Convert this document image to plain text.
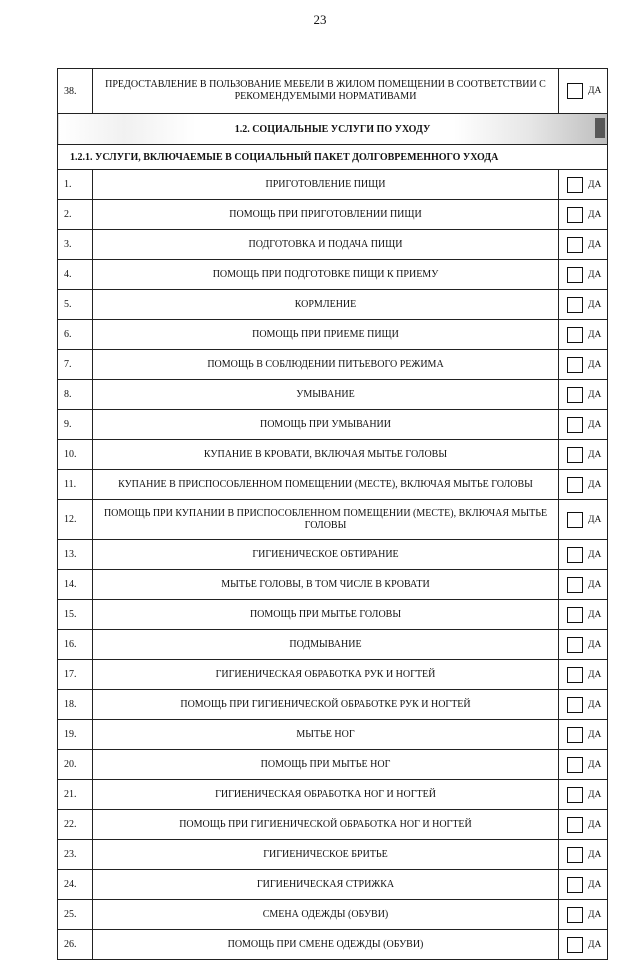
23
38.	ПРЕДОСТАВЛЕНИЕ В ПОЛЬЗОВАНИЕ МЕБЕЛИ В ЖИЛОМ ПОМЕЩЕНИИ В СООТВЕТСТВИИ С РЕКОМЕНДУЕМЫМИ НОРМАТИВАМИ	ДА

1.2. СОЦИАЛЬНЫЕ УСЛУГИ ПО УХОДУ		

1.2.1. УСЛУГИ, ВКЛЮЧАЕМЫЕ В СОЦИАЛЬНЫЙ ПАКЕТ ДОЛГОВРЕМЕННОГО УХОДА		
1.	ПРИГОТОВЛЕНИЕ ПИЩИ	ДА

2.	ПОМОЩЬ ПРИ ПРИГОТОВЛЕНИИ ПИЩИ	ДА

3.	ПОДГОТОВКА И ПОДАЧА ПИЩИ	ДА

4.	ПОМОЩЬ ПРИ ПОДГОТОВКЕ ПИЩИ К ПРИЕМУ	ДА

5.	КОРМЛЕНИЕ	ДА

6.	ПОМОЩЬ ПРИ ПРИЕМЕ ПИЩИ	ДА

7.	ПОМОЩЬ В СОБЛЮДЕНИИ ПИТЬЕВОГО РЕЖИМА	ДА

8.	УМЫВАНИЕ	ДА

9.	ПОМОЩЬ ПРИ УМЫВАНИИ	ДА

10.	КУПАНИЕ В КРОВАТИ, ВКЛЮЧАЯ МЫТЬЕ ГОЛОВЫ	ДА

11.	КУПАНИЕ В ПРИСПОСОБЛЕННОМ ПОМЕЩЕНИИ (МЕСТЕ), ВКЛЮЧАЯ МЫТЬЕ ГОЛОВЫ	ДА

12.	ПОМОЩЬ ПРИ КУПАНИИ В ПРИСПОСОБЛЕННОМ ПОМЕЩЕНИИ (МЕСТЕ), ВКЛЮЧАЯ МЫТЬЕ ГОЛОВЫ	ДА

13.	ГИГИЕНИЧЕСКОЕ ОБТИРАНИЕ	ДА

14.	МЫТЬЕ ГОЛОВЫ, В ТОМ ЧИСЛЕ В КРОВАТИ	ДА

15.	ПОМОЩЬ ПРИ МЫТЬЕ ГОЛОВЫ	ДА

16.	ПОДМЫВАНИЕ	ДА

17.	ГИГИЕНИЧЕСКАЯ ОБРАБОТКА РУК И НОГТЕЙ	ДА

18.	ПОМОЩЬ ПРИ ГИГИЕНИЧЕСКОЙ ОБРАБОТКЕ РУК И НОГТЕЙ	ДА

19.	МЫТЬЕ НОГ	ДА

20.	ПОМОЩЬ ПРИ МЫТЬЕ НОГ	ДА

21.	ГИГИЕНИЧЕСКАЯ ОБРАБОТКА НОГ И НОГТЕЙ	ДА

22.	ПОМОЩЬ ПРИ ГИГИЕНИЧЕСКОЙ ОБРАБОТКА НОГ И НОГТЕЙ	ДА

23.	ГИГИЕНИЧЕСКОЕ БРИТЬЕ	ДА

24.	ГИГИЕНИЧЕСКАЯ СТРИЖКА	ДА

25.	СМЕНА ОДЕЖДЫ (ОБУВИ)	ДА

26.	ПОМОЩЬ ПРИ СМЕНЕ ОДЕЖДЫ (ОБУВИ)	ДА
